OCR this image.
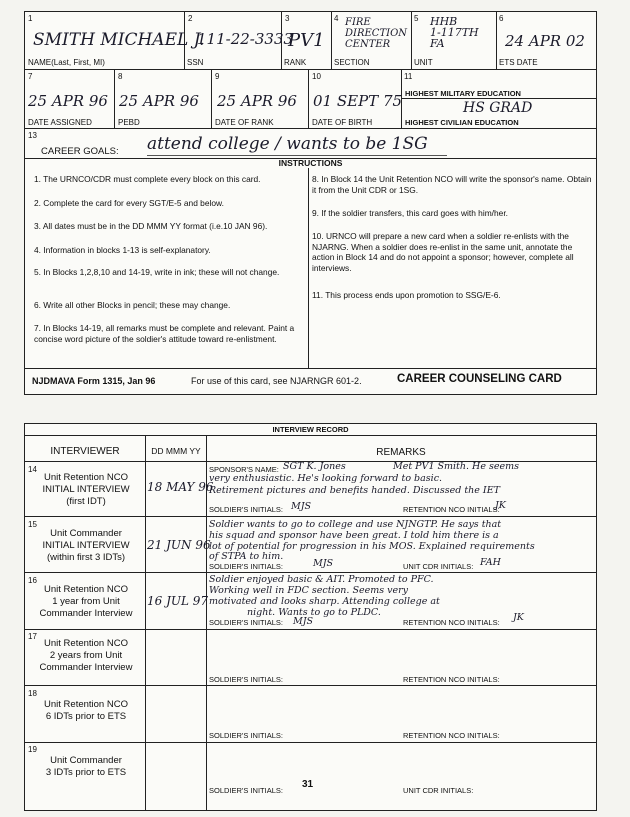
1
SMITH MICHAEL J.
NAME(Last, First, MI)
2
111-22-3333
SSN
3
PV1
RANK
4 FIRE
DIRECTION
CENTER
SECTION
5 HHB
1-117TH
FA
UNIT
6
24 APR 02
ETS DATE
7
25 APR 96
DATE ASSIGNED
8
25 APR 96
PEBD
9
25 APR 96
DATE OF RANK
10
01 SEPT 75
DATE OF BIRTH
11
HIGHEST MILITARY EDUCATION
HS GRAD
HIGHEST CIVILIAN EDUCATION
13
CAREER GOALS: attend college / wants to be 1SG
INSTRUCTIONS
1. The URNCO/CDR must complete every block on this card.
2. Complete the card for every SGT/E-5 and below.
3. All dates must be in the DD MMM YY format (i.e.10 JAN 96).
4. Information in blocks 1-13 is self-explanatory.
5. In Blocks 1,2,8,10 and 14-19, write in ink; these will not change.
6. Write all other Blocks in pencil; these may change.
7. In Blocks 14-19, all remarks must be complete and relevant. Paint a concise word picture of the soldier's attitude toward re-enlistment.
8. In Block 14 the Unit Retention NCO will write the sponsor's name. Obtain it from the Unit CDR or 1SG.
9. If the soldier transfers, this card goes with him/her.
10. URNCO will prepare a new card when a soldier re-enlists with the NJARNG. When a soldier does re-enlist in the same unit, annotate the action in Block 14 and do not appoint a sponsor; however, complete all interviews.
11. This process ends upon promotion to SSG/E-6.
NJDMAVA Form 1315, Jan 96	For use of this card, see NJARNGR 601-2.	CAREER COUNSELING CARD
INTERVIEW RECORD
INTERVIEWER	DD MMM YY	REMARKS
14
Unit Retention NCO
INITIAL INTERVIEW
(first IDT)
18 MAY 96
SPONSOR'S NAME: SGT K. Jones	Met PV1 Smith. He seems
very enthusiastic. He's looking forward to basic.
Retirement pictures and benefits handed. Discussed the IET
SOLDIER'S INITIALS: MJS	RETENTION NCO INITIALS:
JK
15
Unit Commander
INITIAL INTERVIEW
(within first 3 IDTs)
21 JUN 96
Soldier wants to go to college and use NJNGTP. He says that
his squad and sponsor have been great. I told him there is a
lot of potential for progression in his MOS. Explained requirements
of STPA to him.
SOLDIER'S INITIALS:	MJS	UNIT CDR INITIALS: FAH
16
Unit Retention NCO
1 year from Unit
Commander Interview
16 JUL 97
Soldier enjoyed basic & AIT. Promoted to PFC.
Working well in FDC section. Seems very
motivated and looks sharp. Attending college at
night. Wants to go to PLDC.
SOLDIER'S INITIALS: MJS	RETENTION NCO INITIALS: JK
17
Unit Retention NCO
2 years from Unit
Commander Interview
SOLDIER'S INITIALS:	RETENTION NCO INITIALS:
18
Unit Retention NCO
6 IDTs prior to ETS
SOLDIER'S INITIALS:	RETENTION NCO INITIALS:
19
Unit Commander
3 IDTs prior to ETS
SOLDIER'S INITIALS:	UNIT CDR INITIALS:
31
